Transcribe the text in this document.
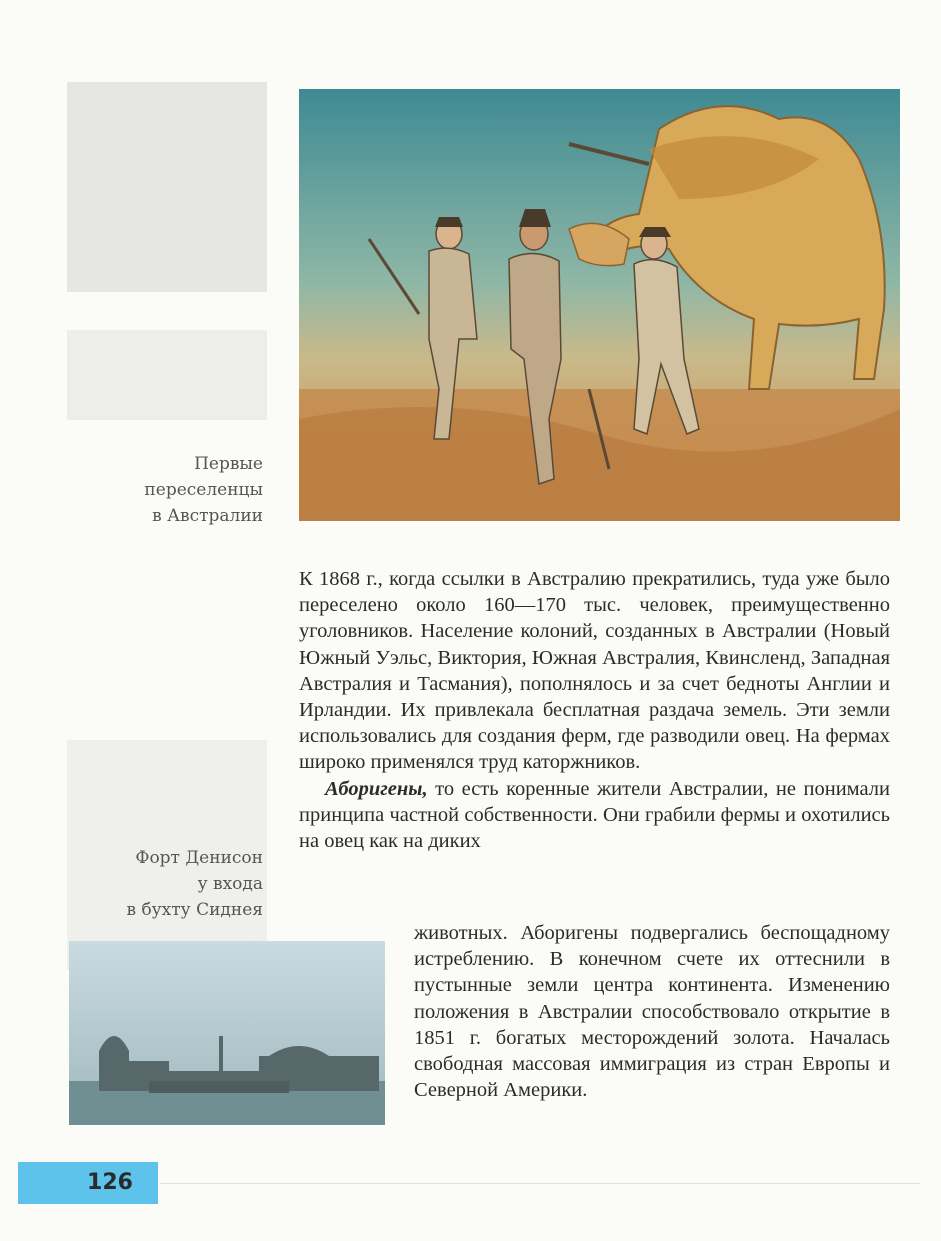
Первые
переселенцы
в Австралии
К 1868 г., когда ссылки в Австралию прекратились, туда уже было переселено около 160—170 тыс. человек, преимущественно уголовников. Население колоний, созданных в Австралии (Новый Южный Уэльс, Виктория, Южная Австралия, Квинсленд, Западная Австралия и Тасмания), пополнялось и за счет бедноты Англии и Ирландии. Их привлекала бесплатная раздача земель. Эти земли использовались для создания ферм, где разводили овец. На фермах широко применялся труд каторжников.
Аборигены, то есть коренные жители Австралии, не понимали принципа частной собственности. Они грабили фермы и охотились на овец как на диких
Форт Денисон
у входа
в бухту Сиднея
животных. Аборигены подвергались беспощадному истреблению. В конечном счете их оттеснили в пустынные земли центра континента. Изменению положения в Австралии способствовало открытие в 1851 г. богатых месторождений золота. Началась свободная массовая иммиграция из стран Европы и Северной Америки.
126
